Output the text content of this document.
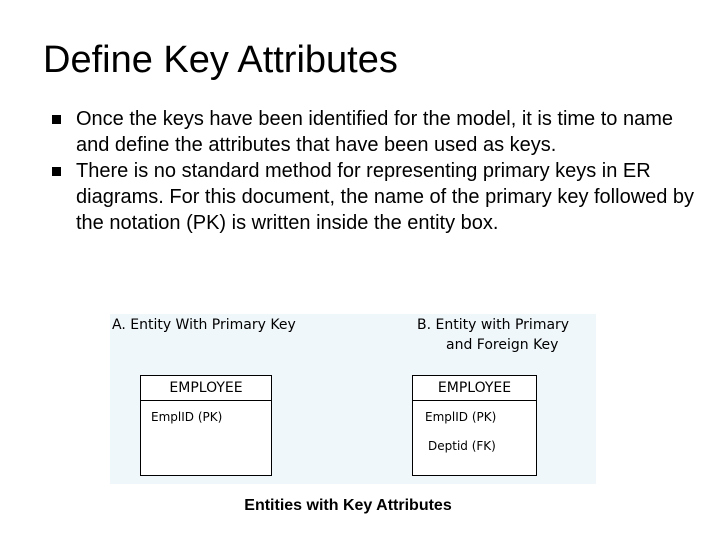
Define Key Attributes
Once the keys have been identified for the model, it is time to name and define the attributes that have been used as keys.
There is no standard method for representing primary keys in ER diagrams. For this document, the name of the primary key followed by the notation (PK) is written inside the entity box.
A. Entity With Primary Key	B. Entity with Primary
and Foreign Key
EMPLOYEE
EmplID (PK)
EMPLOYEE
EmplID (PK)
Deptid (FK)
Entities with Key Attributes
